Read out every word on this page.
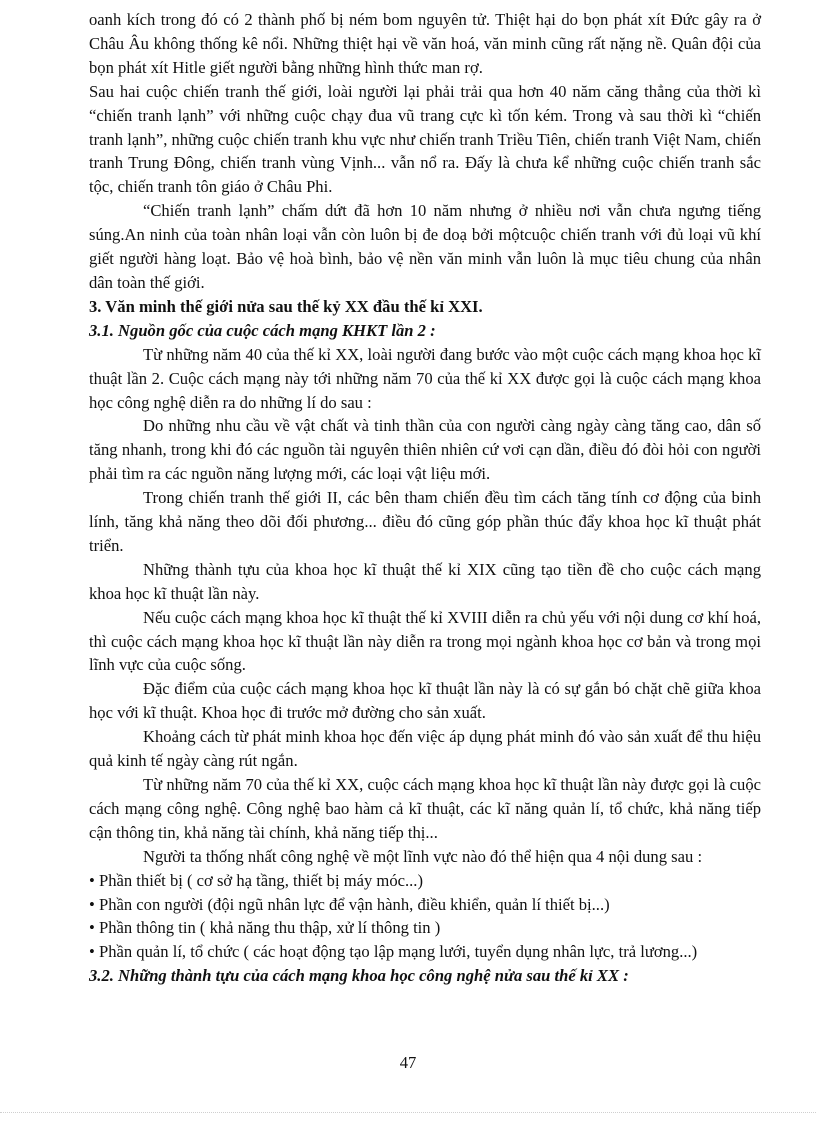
oanh kích trong đó có 2 thành phố bị ném bom nguyên tử. Thiệt hại do bọn phát xít Đức gây ra ở Châu Âu không thống kê nổi. Những thiệt hại về văn hoá, văn minh cũng rất nặng nề. Quân đội của bọn phát xít Hitle giết người bằng những hình thức man rợ.

Sau hai cuộc chiến tranh thế giới, loài người lại phải trải qua hơn 40 năm căng thẳng của thời kì “chiến tranh lạnh” với những cuộc chạy đua vũ trang cực kì tốn kém. Trong và sau thời kì “chiến tranh lạnh”, những cuộc chiến tranh khu vực như chiến tranh Triều Tiên, chiến tranh Việt Nam, chiến tranh Trung Đông, chiến tranh vùng Vịnh... vẫn nổ ra. Đấy là chưa kể những cuộc chiến tranh sắc tộc, chiến tranh tôn giáo ở Châu Phi.

“Chiến tranh lạnh” chấm dứt đã hơn 10 năm nhưng ở nhiều nơi vẫn chưa ngưng tiếng súng.An ninh của toàn nhân loại vẫn còn luôn bị đe doạ bởi mộtcuộc chiến tranh với đủ loại vũ khí giết người hàng loạt. Bảo vệ hoà bình, bảo vệ nền văn minh vẫn luôn là mục tiêu chung của nhân dân toàn thế giới.

3. Văn minh thế giới nửa sau thế kỷ XX đầu thế kỉ XXI.

3.1. Nguồn gốc của cuộc cách mạng KHKT lần 2 :

Từ những năm 40 của thế kỉ XX, loài người đang bước vào một cuộc cách mạng khoa học kĩ thuật lần 2. Cuộc cách mạng này tới những năm 70 của thế kỉ XX được gọi là cuộc cách mạng khoa học công nghệ diễn ra do những lí do sau :

Do những nhu cầu về vật chất và tinh thần của con người càng ngày càng tăng cao, dân số tăng nhanh, trong khi đó các nguồn tài nguyên thiên nhiên cứ vơi cạn dần, điều đó đòi hỏi con người phải tìm ra các nguồn năng lượng mới, các loại vật liệu mới.

Trong chiến tranh thế giới II, các bên tham chiến đều tìm cách tăng tính cơ động của binh lính, tăng khả năng theo dõi đối phương... điều đó cũng góp phần thúc đẩy khoa học kĩ thuật phát triển.

Những thành tựu của khoa học kĩ thuật thế kỉ XIX cũng tạo tiền đề cho cuộc cách mạng khoa học kĩ thuật lần này.

Nếu cuộc cách mạng khoa học kĩ thuật thế kỉ XVIII diễn ra chủ yếu với nội dung cơ khí hoá, thì cuộc cách mạng khoa học kĩ thuật lần này diễn ra trong mọi ngành khoa học cơ bản và trong mọi lĩnh vực của cuộc sống.

Đặc điểm của cuộc cách mạng khoa học kĩ thuật lần này là có sự gắn bó chặt chẽ giữa khoa học với kĩ thuật. Khoa học đi trước mở đường cho sản xuất.

Khoảng cách từ phát minh khoa học đến việc áp dụng phát minh đó vào sản xuất để thu hiệu quả kinh tế ngày càng rút ngắn.

Từ những năm 70 của thế kỉ XX, cuộc cách mạng khoa học kĩ thuật lần này được gọi là cuộc cách mạng công nghệ. Công nghệ bao hàm cả kĩ thuật, các kĩ năng quản lí, tổ chức, khả năng tiếp cận thông tin, khả năng tài chính, khả năng tiếp thị...

Người ta thống nhất công nghệ về một lĩnh vực nào đó thể hiện qua 4 nội dung sau :

• Phần thiết bị ( cơ sở hạ tầng, thiết bị máy móc...)
• Phần con người (đội ngũ nhân lực để vận hành, điều khiển, quản lí thiết bị...)
• Phần thông tin ( khả năng thu thập, xử lí thông tin )
• Phần quản lí, tổ chức ( các hoạt động tạo lập mạng lưới, tuyển dụng nhân lực, trả lương...)

3.2. Những thành tựu của cách mạng khoa học công nghệ nửa sau thế kỉ XX :

47
